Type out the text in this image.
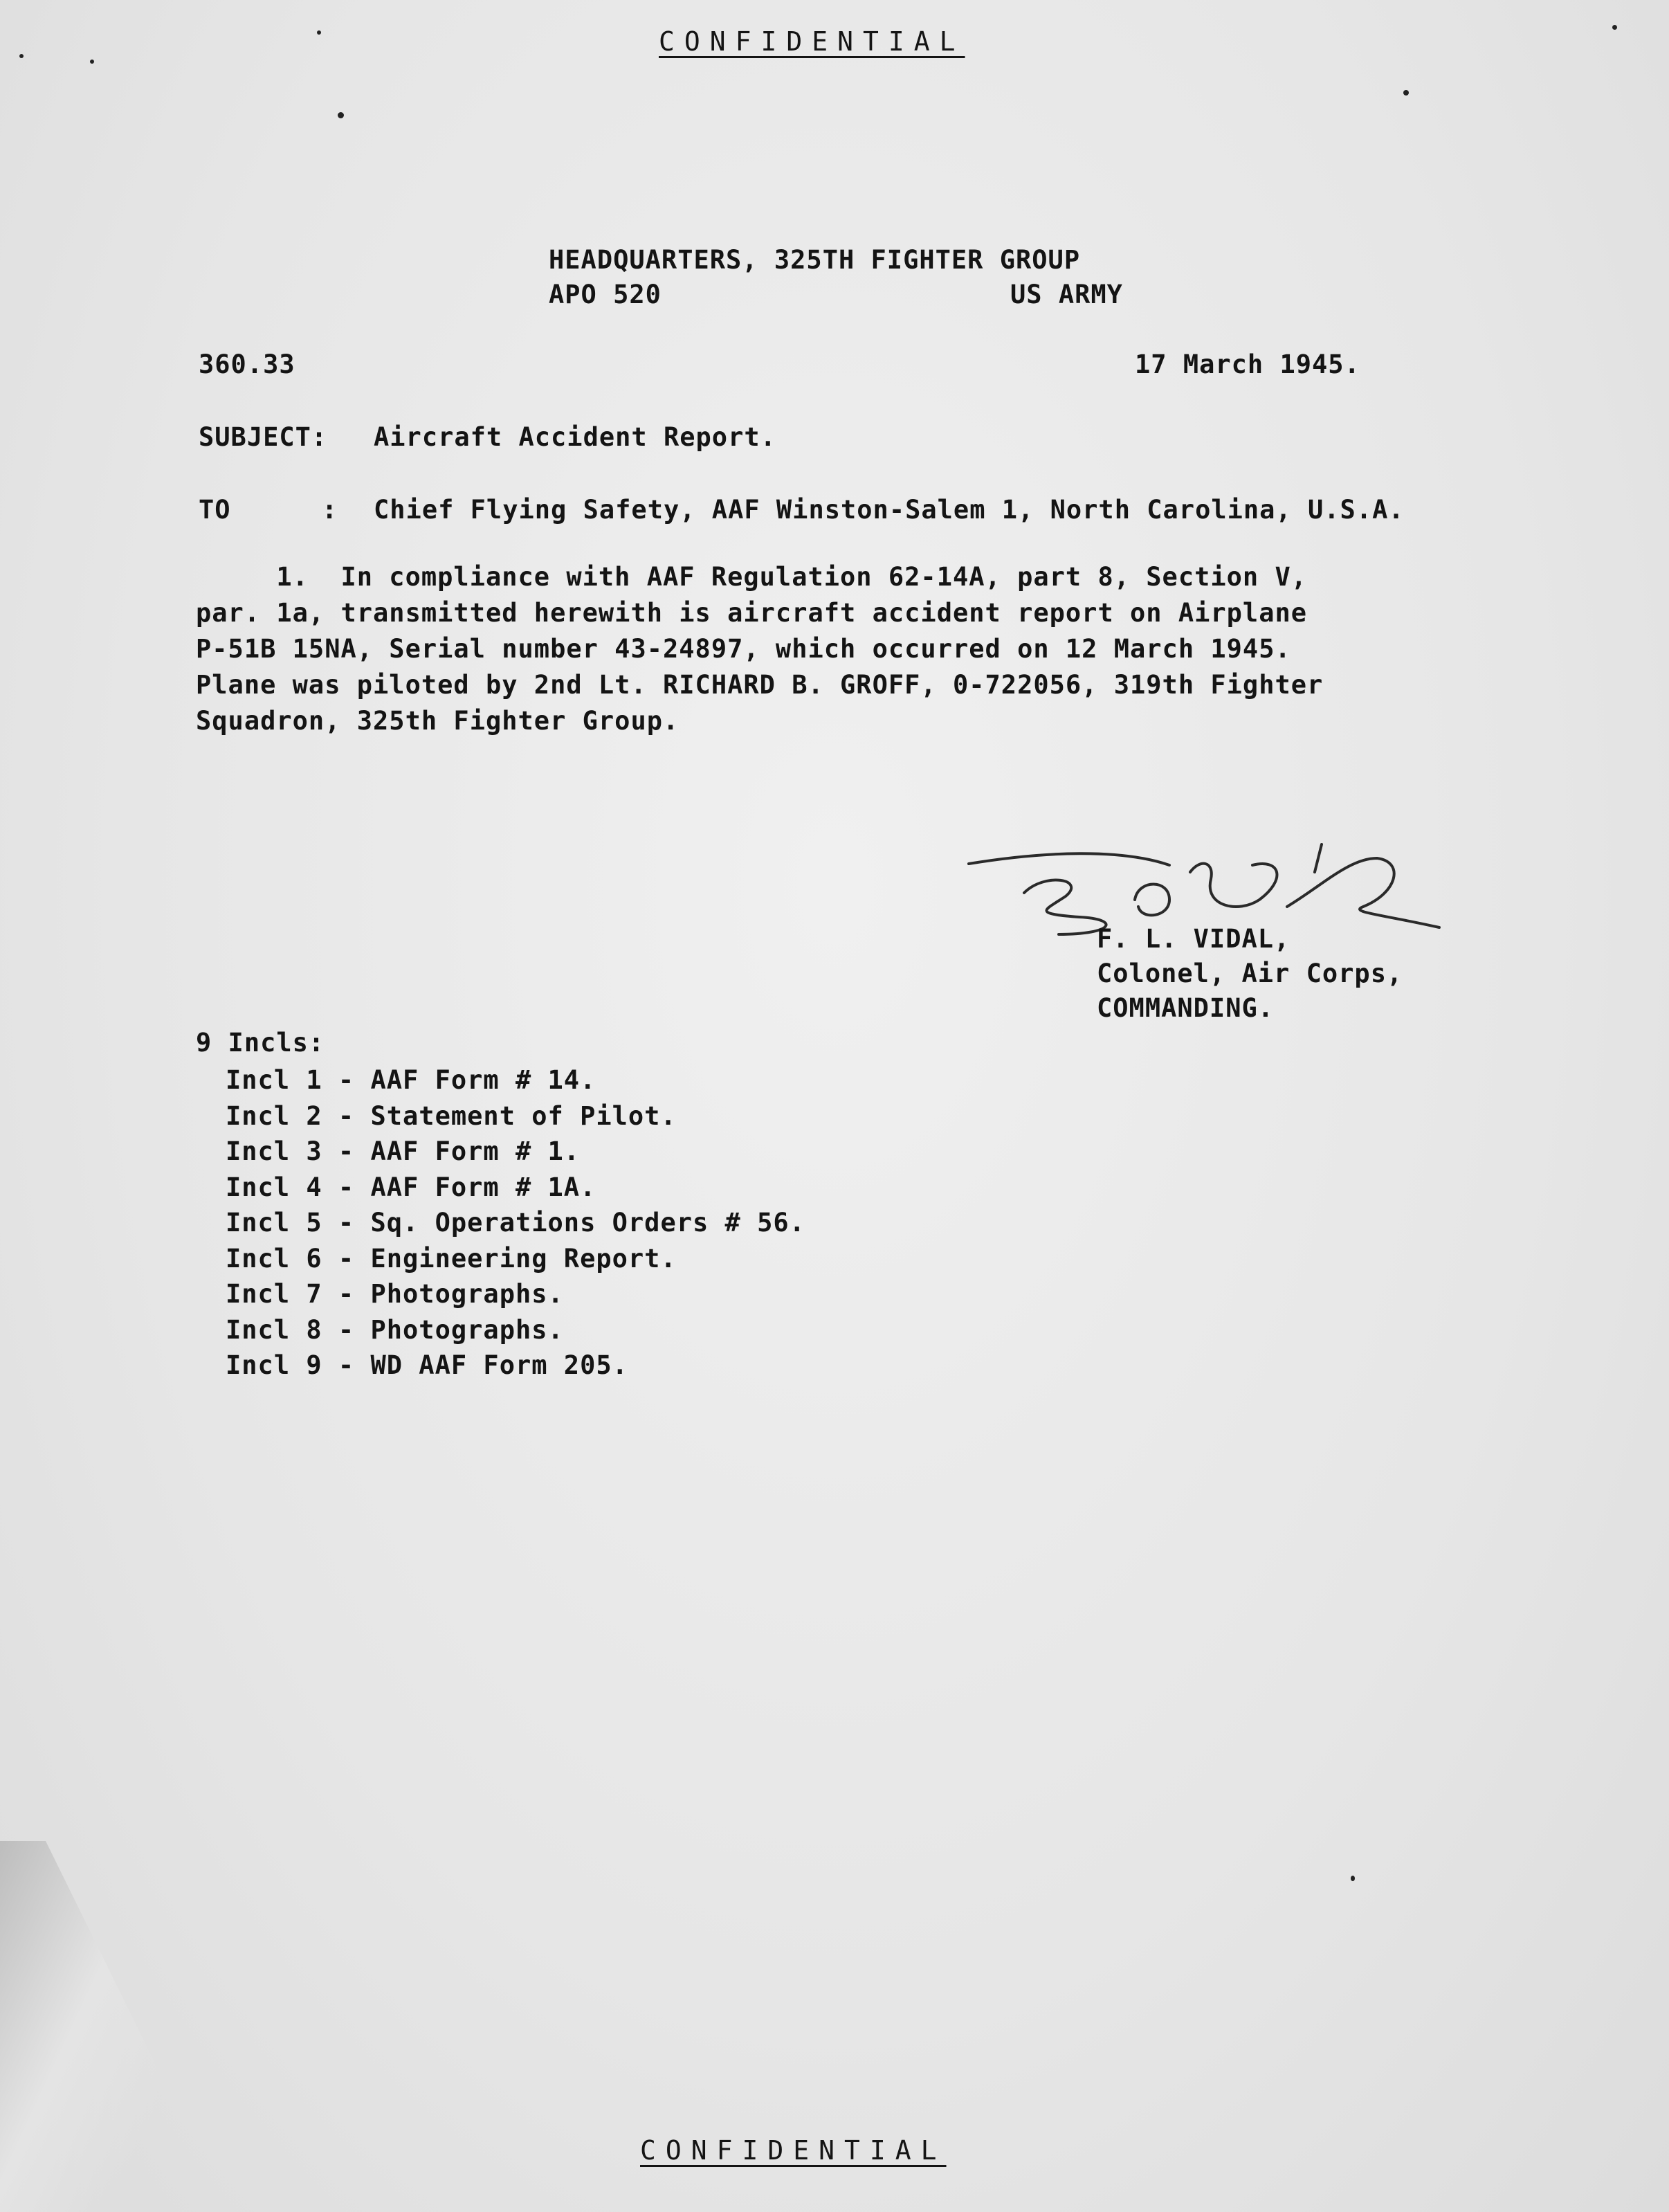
CONFIDENTIAL
HEADQUARTERS, 325TH FIGHTER GROUP
APO 520	US ARMY
360.33	17 March 1945.
SUBJECT: Aircraft Accident Report.
TO	: Chief Flying Safety, AAF Winston-Salem 1, North Carolina, U.S.A.
1.  In compliance with AAF Regulation 62-14A, part 8, Section V,
par. 1a, transmitted herewith is aircraft accident report on Airplane
P-51B 15NA, Serial number 43-24897, which occurred on 12 March 1945.
Plane was piloted by 2nd Lt. RICHARD B. GROFF, 0-722056, 319th Fighter
Squadron, 325th Fighter Group.
F. L. VIDAL,
Colonel, Air Corps,
COMMANDING.
9 Incls:
Incl 1 - AAF Form # 14.
Incl 2 - Statement of Pilot.
Incl 3 - AAF Form # 1.
Incl 4 - AAF Form # 1A.
Incl 5 - Sq. Operations Orders # 56.
Incl 6 - Engineering Report.
Incl 7 - Photographs.
Incl 8 - Photographs.
Incl 9 - WD AAF Form 205.
CONFIDENTIAL
